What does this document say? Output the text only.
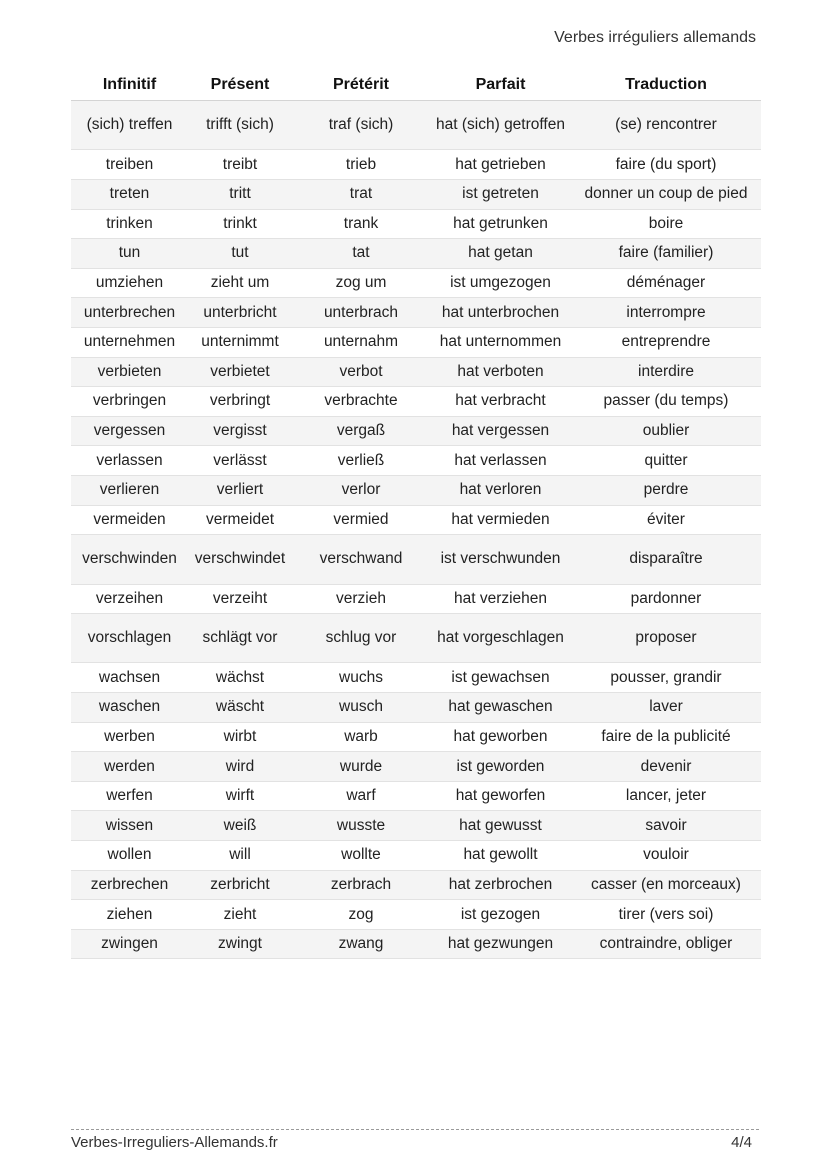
Verbes irréguliers allemands
Infinitif	Présent	Prétérit	Parfait	Traduction
(sich) treffen	trifft (sich)	traf (sich)	hat (sich) getroffen	(se) rencontrer
treiben	treibt	trieb	hat getrieben	faire (du sport)
treten	tritt	trat	ist getreten	donner un coup de pied
trinken	trinkt	trank	hat getrunken	boire
tun	tut	tat	hat getan	faire (familier)
umziehen	zieht um	zog um	ist umgezogen	déménager
unterbrechen	unterbricht	unterbrach	hat unterbrochen	interrompre
unternehmen	unternimmt	unternahm	hat unternommen	entreprendre
verbieten	verbietet	verbot	hat verboten	interdire
verbringen	verbringt	verbrachte	hat verbracht	passer (du temps)
vergessen	vergisst	vergaß	hat vergessen	oublier
verlassen	verlässt	verließ	hat verlassen	quitter
verlieren	verliert	verlor	hat verloren	perdre
vermeiden	vermeidet	vermied	hat vermieden	éviter
verschwinden	verschwindet	verschwand	ist verschwunden	disparaître
verzeihen	verzeiht	verzieh	hat verziehen	pardonner
vorschlagen	schlägt vor	schlug vor	hat vorgeschlagen	proposer
wachsen	wächst	wuchs	ist gewachsen	pousser, grandir
waschen	wäscht	wusch	hat gewaschen	laver
werben	wirbt	warb	hat geworben	faire de la publicité
werden	wird	wurde	ist geworden	devenir
werfen	wirft	warf	hat geworfen	lancer, jeter
wissen	weiß	wusste	hat gewusst	savoir
wollen	will	wollte	hat gewollt	vouloir
zerbrechen	zerbricht	zerbrach	hat zerbrochen	casser (en morceaux)
ziehen	zieht	zog	ist gezogen	tirer (vers soi)
zwingen	zwingt	zwang	hat gezwungen	contraindre, obliger
Verbes-Irreguliers-Allemands.fr	4/4
